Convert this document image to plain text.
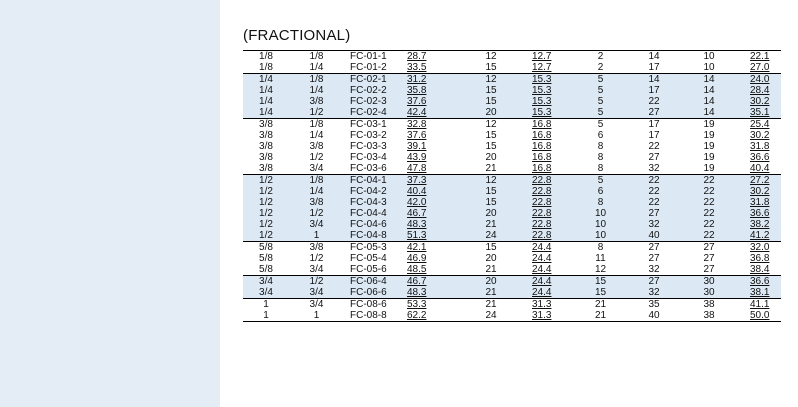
(FRACTIONAL)
1/8	1/8	FC-01-1	28.7	12	12.7	2	14	10	22.1
1/8	1/4	FC-01-2	33.5	15	12.7	2	17	10	27.0
1/4	1/8	FC-02-1	31.2	12	15.3	5	14	14	24.0
1/4	1/4	FC-02-2	35.8	15	15.3	5	17	14	28.4
1/4	3/8	FC-02-3	37.6	15	15.3	5	22	14	30.2
1/4	1/2	FC-02-4	42.4	20	15.3	5	27	14	35.1
3/8	1/8	FC-03-1	32.8	12	16.8	5	17	19	25.4
3/8	1/4	FC-03-2	37.6	15	16.8	6	17	19	30.2
3/8	3/8	FC-03-3	39.1	15	16.8	8	22	19	31.8
3/8	1/2	FC-03-4	43.9	20	16.8	8	27	19	36.6
3/8	3/4	FC-03-6	47.8	21	16.8	8	32	19	40.4
1/2	1/8	FC-04-1	37.3	12	22.8	5	22	22	27.2
1/2	1/4	FC-04-2	40.4	15	22.8	6	22	22	30.2
1/2	3/8	FC-04-3	42.0	15	22.8	8	22	22	31.8
1/2	1/2	FC-04-4	46.7	20	22.8	10	27	22	36.6
1/2	3/4	FC-04-6	48.3	21	22.8	10	32	22	38.2
1/2	1	FC-04-8	51.3	24	22.8	10	40	22	41.2
5/8	3/8	FC-05-3	42.1	15	24.4	8	27	27	32.0
5/8	1/2	FC-05-4	46.9	20	24.4	11	27	27	36.8
5/8	3/4	FC-05-6	48.5	21	24.4	12	32	27	38.4
3/4	1/2	FC-06-4	46.7	20	24.4	15	27	30	36.6
3/4	3/4	FC-06-6	48.3	21	24.4	15	32	30	38.1
1	3/4	FC-08-6	53.3	21	31.3	21	35	38	41.1
1	1	FC-08-8	62.2	24	31.3	21	40	38	50.0
